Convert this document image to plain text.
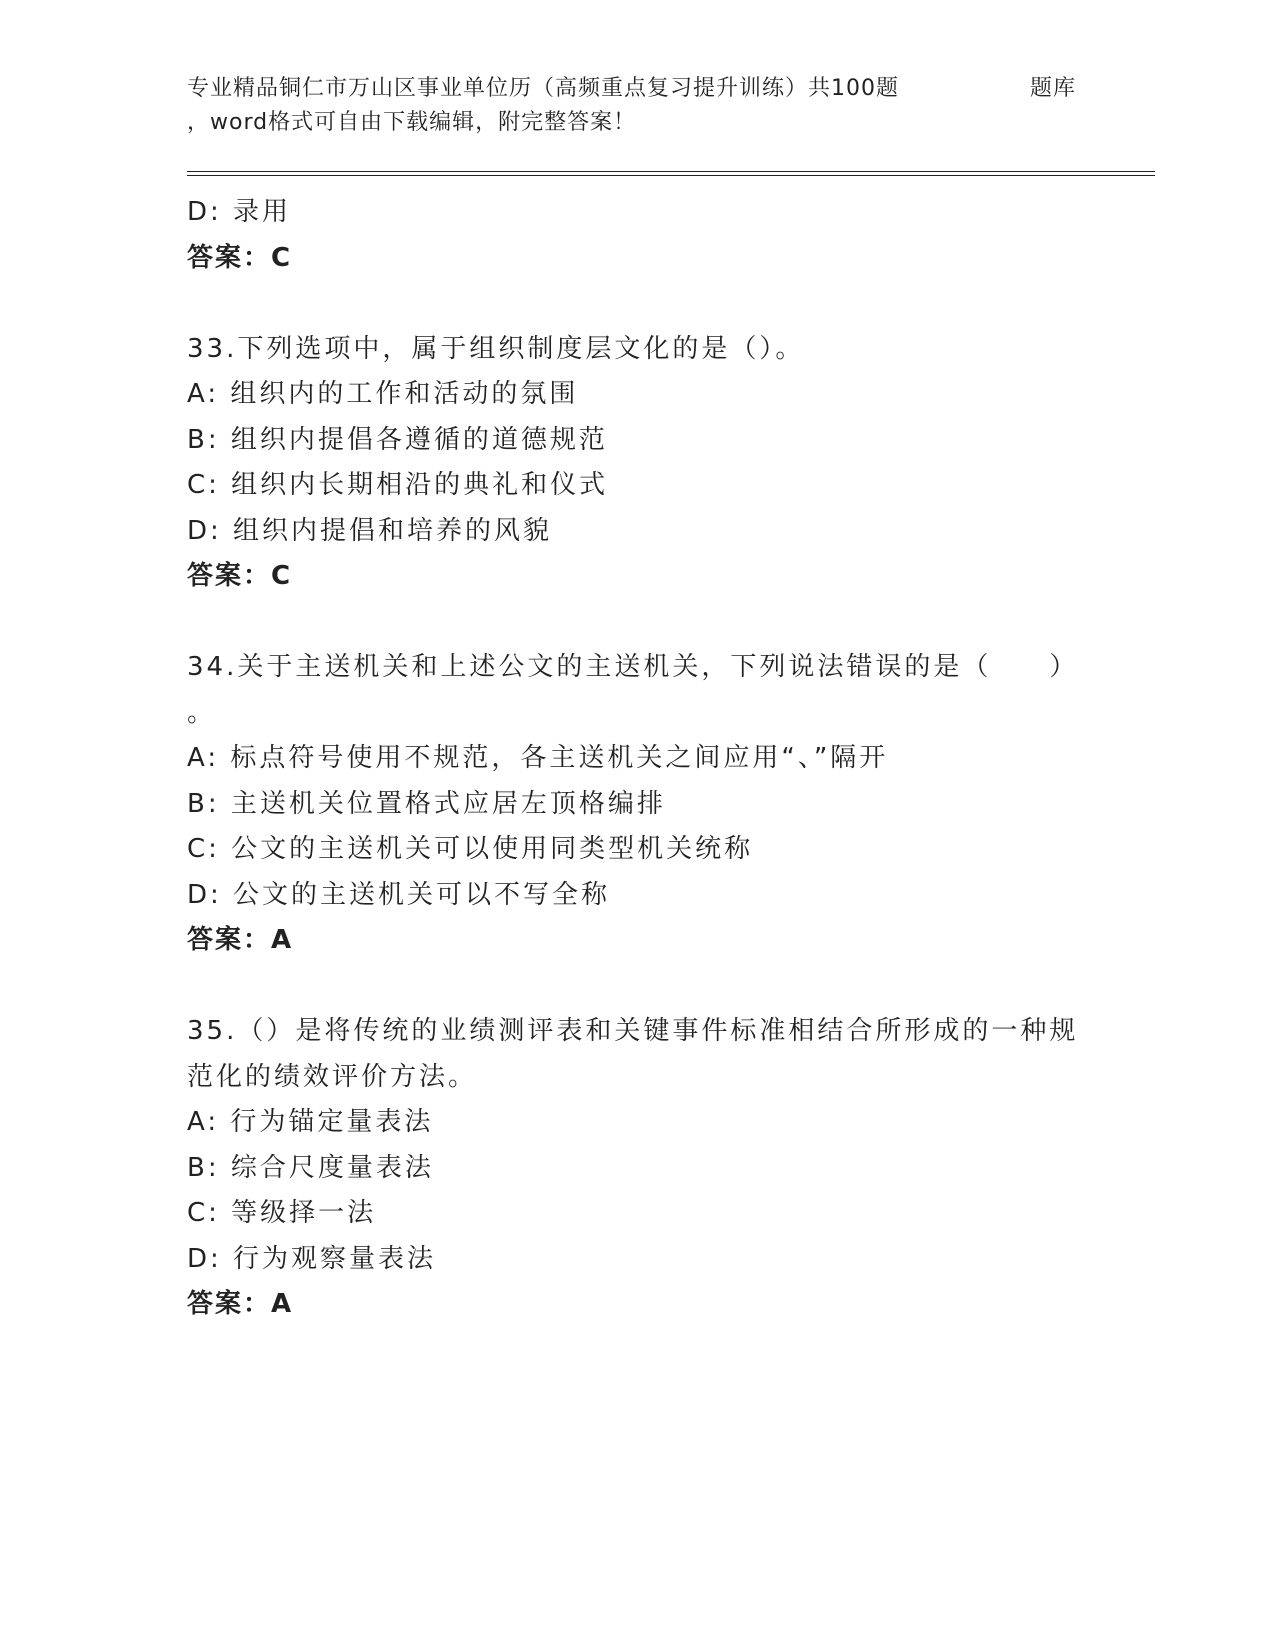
专业精品铜仁市万山区事业单位历（高频重点复习提升训练）共100题	题库
，word格式可自由下载编辑，附完整答案！
D: 录用
答案：C
33.下列选项中，属于组织制度层文化的是（）。
A: 组织内的工作和活动的氛围
B: 组织内提倡各遵循的道德规范
C: 组织内长期相沿的典礼和仪式
D: 组织内提倡和培养的风貌
答案：C
34.关于主送机关和上述公文的主送机关，下列说法错误的是（　　）
。
A: 标点符号使用不规范，各主送机关之间应用“、”隔开
B: 主送机关位置格式应居左顶格编排
C: 公文的主送机关可以使用同类型机关统称
D: 公文的主送机关可以不写全称
答案：A
35.（）是将传统的业绩测评表和关键事件标准相结合所形成的一种规
范化的绩效评价方法。
A: 行为锚定量表法
B: 综合尺度量表法
C: 等级择一法
D: 行为观察量表法
答案：A
